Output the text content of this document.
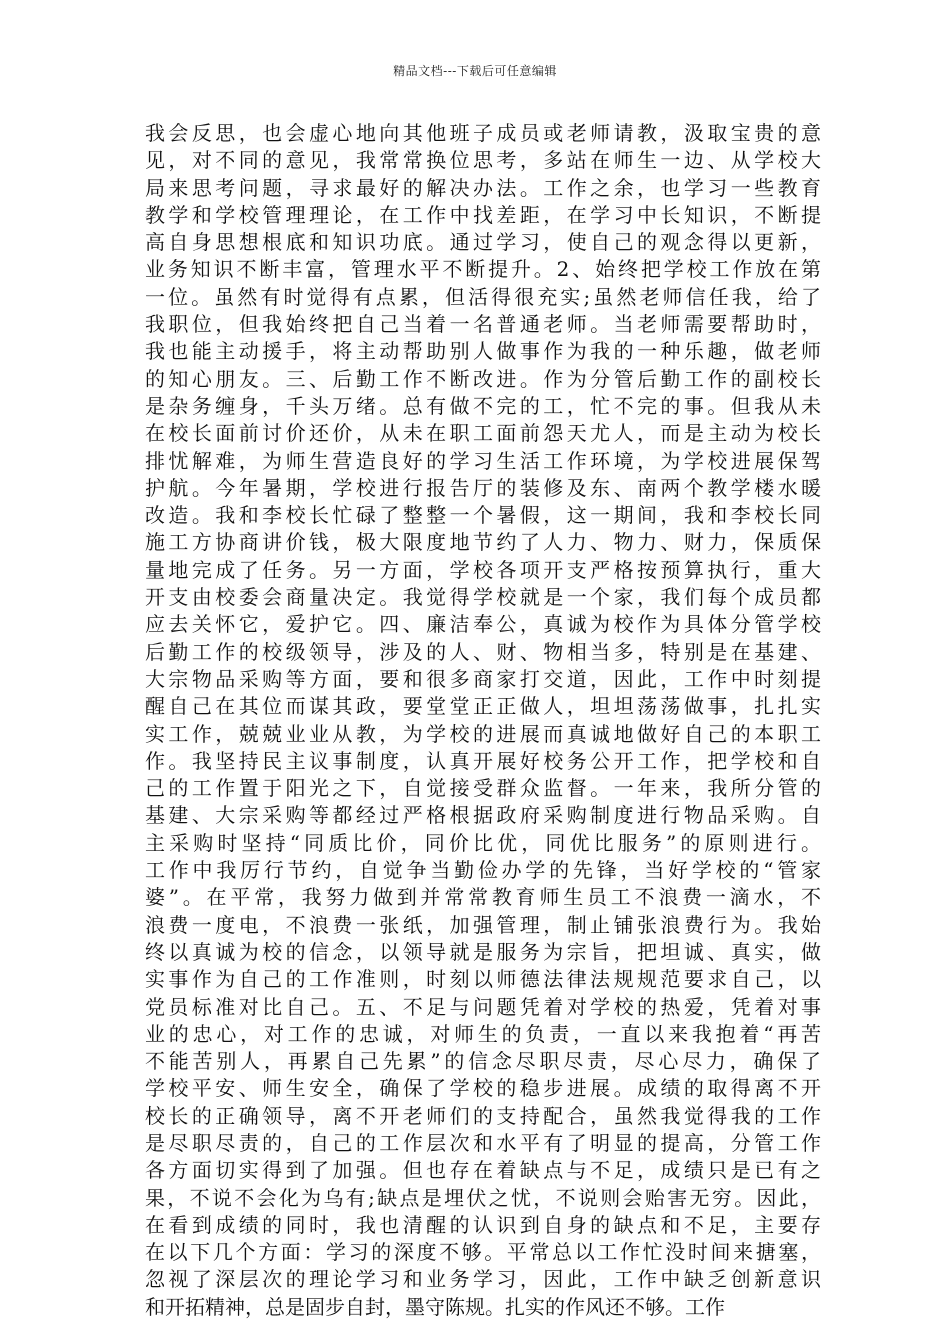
精品文档---下载后可任意编辑
我会反思，也会虚心地向其他班子成员或老师请教，汲取宝贵的意
见，对不同的意见，我常常换位思考，多站在师生一边、从学校大
局来思考问题，寻求最好的解决办法。工作之余，也学习一些教育
教学和学校管理理论，在工作中找差距，在学习中长知识，不断提
高自身思想根底和知识功底。通过学习，使自己的观念得以更新，
业务知识不断丰富，管理水平不断提升。2、始终把学校工作放在第
一位。虽然有时觉得有点累，但活得很充实;虽然老师信任我，给了
我职位，但我始终把自己当着一名普通老师。当老师需要帮助时，
我也能主动援手，将主动帮助别人做事作为我的一种乐趣，做老师
的知心朋友。三、后勤工作不断改进。作为分管后勤工作的副校长
是杂务缠身，千头万绪。总有做不完的工，忙不完的事。但我从未
在校长面前讨价还价，从未在职工面前怨天尤人，而是主动为校长
排忧解难，为师生营造良好的学习生活工作环境，为学校进展保驾
护航。今年暑期，学校进行报告厅的装修及东、南两个教学楼水暖
改造。我和李校长忙碌了整整一个暑假，这一期间，我和李校长同
施工方协商讲价钱，极大限度地节约了人力、物力、财力，保质保
量地完成了任务。另一方面，学校各项开支严格按预算执行，重大
开支由校委会商量决定。我觉得学校就是一个家，我们每个成员都
应去关怀它，爱护它。四、廉洁奉公，真诚为校作为具体分管学校
后勤工作的校级领导，涉及的人、财、物相当多，特别是在基建、
大宗物品采购等方面，要和很多商家打交道，因此，工作中时刻提
醒自己在其位而谋其政，要堂堂正正做人，坦坦荡荡做事，扎扎实
实工作，兢兢业业从教，为学校的进展而真诚地做好自己的本职工
作。我坚持民主议事制度，认真开展好校务公开工作，把学校和自
己的工作置于阳光之下，自觉接受群众监督。一年来，我所分管的
基建、大宗采购等都经过严格根据政府采购制度进行物品采购。自
主采购时坚持“同质比价，同价比优，同优比服务”的原则进行。
工作中我厉行节约，自觉争当勤俭办学的先锋，当好学校的“管家
婆”。在平常，我努力做到并常常教育师生员工不浪费一滴水，不
浪费一度电，不浪费一张纸，加强管理，制止铺张浪费行为。我始
终以真诚为校的信念，以领导就是服务为宗旨，把坦诚、真实，做
实事作为自己的工作准则，时刻以师德法律法规规范要求自己，以
党员标准对比自己。五、不足与问题凭着对学校的热爱，凭着对事
业的忠心，对工作的忠诚，对师生的负责，一直以来我抱着“再苦
不能苦别人，再累自己先累”的信念尽职尽责，尽心尽力，确保了
学校平安、师生安全，确保了学校的稳步进展。成绩的取得离不开
校长的正确领导，离不开老师们的支持配合，虽然我觉得我的工作
是尽职尽责的，自己的工作层次和水平有了明显的提高，分管工作
各方面切实得到了加强。但也存在着缺点与不足，成绩只是已有之
果，不说不会化为乌有;缺点是埋伏之忧，不说则会贻害无穷。因此，
在看到成绩的同时，我也清醒的认识到自身的缺点和不足，主要存
在以下几个方面：学习的深度不够。平常总以工作忙没时间来搪塞，
忽视了深层次的理论学习和业务学习，因此，工作中缺乏创新意识
和开拓精神，总是固步自封，墨守陈规。扎实的作风还不够。工作
